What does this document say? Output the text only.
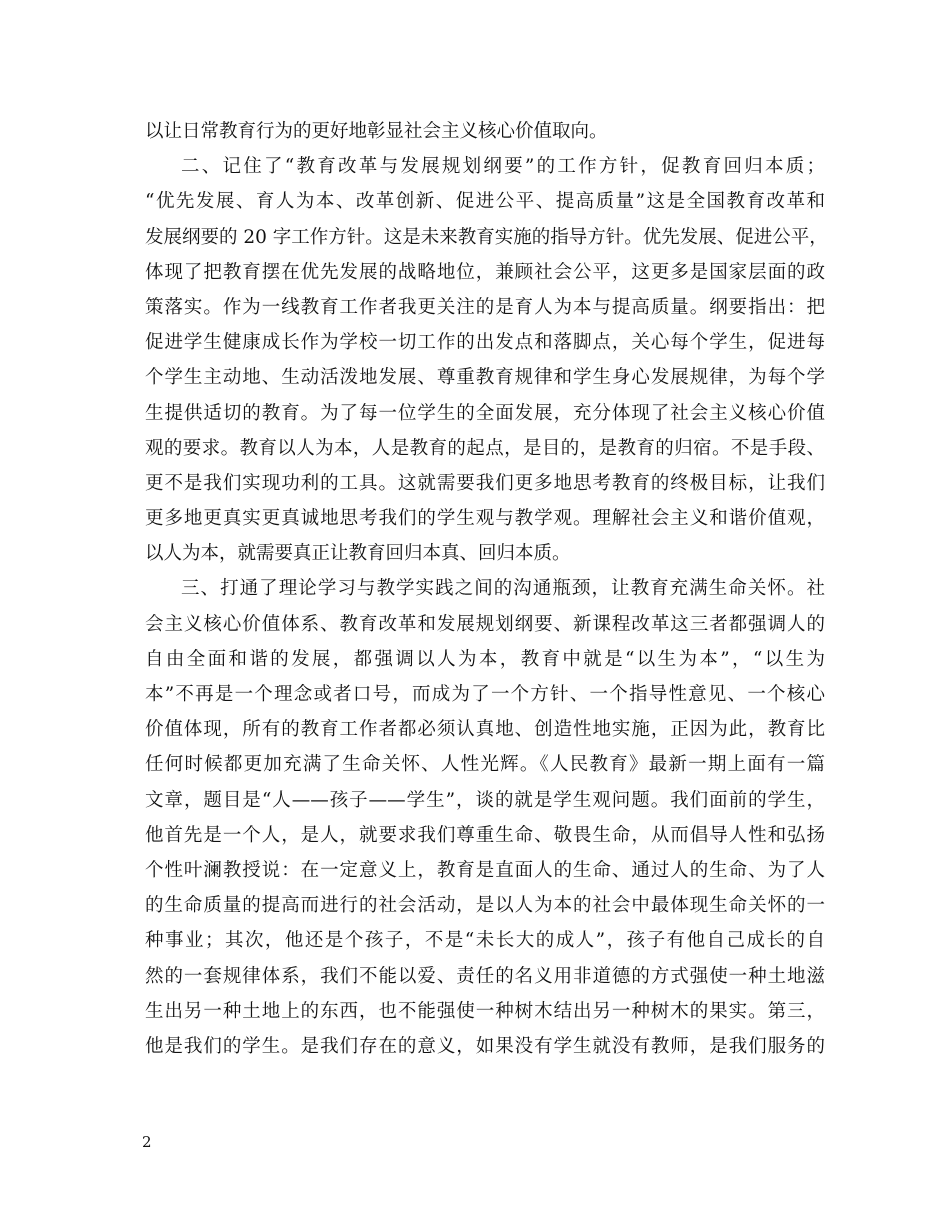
以让日常教育行为的更好地彰显社会主义核心价值取向。
二、记住了“教育改革与发展规划纲要”的工作方针，促教育回归本质；
“优先发展、育人为本、改革创新、促进公平、提高质量”这是全国教育改革和
发展纲要的 20 字工作方针。这是未来教育实施的指导方针。优先发展、促进公平，
体现了把教育摆在优先发展的战略地位，兼顾社会公平，这更多是国家层面的政
策落实。作为一线教育工作者我更关注的是育人为本与提高质量。纲要指出：把
促进学生健康成长作为学校一切工作的出发点和落脚点，关心每个学生，促进每
个学生主动地、生动活泼地发展、尊重教育规律和学生身心发展规律，为每个学
生提供适切的教育。为了每一位学生的全面发展，充分体现了社会主义核心价值
观的要求。教育以人为本，人是教育的起点，是目的，是教育的归宿。不是手段、
更不是我们实现功利的工具。这就需要我们更多地思考教育的终极目标，让我们
更多地更真实更真诚地思考我们的学生观与教学观。理解社会主义和谐价值观，
以人为本，就需要真正让教育回归本真、回归本质。
三、打通了理论学习与教学实践之间的沟通瓶颈，让教育充满生命关怀。社
会主义核心价值体系、教育改革和发展规划纲要、新课程改革这三者都强调人的
自由全面和谐的发展，都强调以人为本，教育中就是“以生为本”，“以生为
本”不再是一个理念或者口号，而成为了一个方针、一个指导性意见、一个核心
价值体现，所有的教育工作者都必须认真地、创造性地实施，正因为此，教育比
任何时候都更加充满了生命关怀、人性光辉。《人民教育》最新一期上面有一篇
文章，题目是“人——孩子——学生”，谈的就是学生观问题。我们面前的学生，
他首先是一个人，是人，就要求我们尊重生命、敬畏生命，从而倡导人性和弘扬
个性叶澜教授说：在一定意义上，教育是直面人的生命、通过人的生命、为了人
的生命质量的提高而进行的社会活动，是以人为本的社会中最体现生命关怀的一
种事业；其次，他还是个孩子，不是“未长大的成人”，孩子有他自己成长的自
然的一套规律体系，我们不能以爱、责任的名义用非道德的方式强使一种土地滋
生出另一种土地上的东西，也不能强使一种树木结出另一种树木的果实。第三，
他是我们的学生。是我们存在的意义，如果没有学生就没有教师，是我们服务的
2
